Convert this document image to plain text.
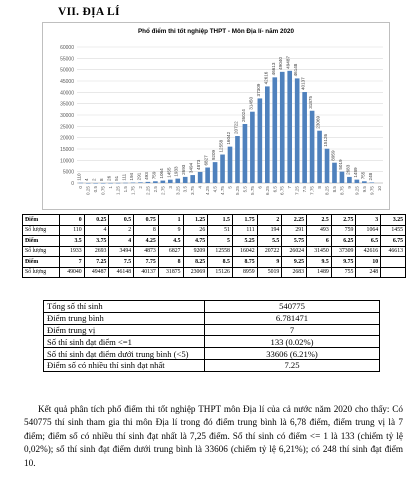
VII. ĐỊA LÍ
Phổ điểm thi tốt nghiệp THPT - Môn Địa lí- năm 2020
0
5000
10000
15000
20000
25000
30000
35000
40000
45000
50000
55000
60000
110
0
4
0.25
2
0.5
8
0.75
26
1
51
1.25
111
1.5
194
1.75
291
2
493
2.25
759
2.5
1064
2.75
1455
3
1933
3.25
2693
3.5
3494
3.75
4873
4
6827
4.25
9209
4.5
12558
4.75
16042
5
20722
5.25
26024
5.5
31450
5.75
37309
6
42616
6.25
46613
6.5
49040
6.75
49487
7
46148
7.25
40137
7.5
31875
7.75
23069
8
15126
8.25
8959
8.5
5019
8.75
2683
9
1489
9.25
755
9.5
248
9.75 10
Điểm	0	0.25	0.5	0.75	1	1.25	1.5	1.75	2	2.25	2.5	2.75	3	3.25
Số lượng	110	4	2	8	9	26	51	111	194	291	493	759	1064	1455
Điểm	3.5	3.75	4	4.25	4.5	4.75	5	5.25	5.5	5.75	6	6.25	6.5	6.75
Số lượng	1933	2693	3494	4873	6827	9209	12558	16042	20722	26024	31450	37309	42616	46613
Điểm	7	7.25	7.5	7.75	8	8.25	8.5	8.75	9	9.25	9.5	9.75	10	
Số lượng	49040	49487	46148	40137	31875	23069	15126	8959	5019	2683	1489	755	248	
Tổng số thí sinh	540775
Điểm trung bình	6.781471
Điểm trung vị	7
Số thí sinh đạt điểm <=1	133 (0.02%)
Số thí sinh đạt điểm dưới trung bình (<5)	33606 (6.21%)
Điểm số có nhiều thí sinh đạt nhất	7.25

Kết quả phân tích phổ điểm thi tốt nghiệp THPT môn Địa lí của cả nước năm 2020 cho thấy: Có 540775 thí sinh tham gia thi môn Địa lí trong đó điểm trung bình là 6,78 điểm, điểm trung vị là 7 điểm; điểm số có nhiều thí sinh đạt nhất là 7,25 điểm. Số thí sinh có điểm <= 1 là 133 (chiếm tỷ lệ 0,02%); số thí sinh đạt điểm dưới trung bình là 33606 (chiếm tỷ lệ 6,21%); có 248 thí sinh đạt điểm 10.
